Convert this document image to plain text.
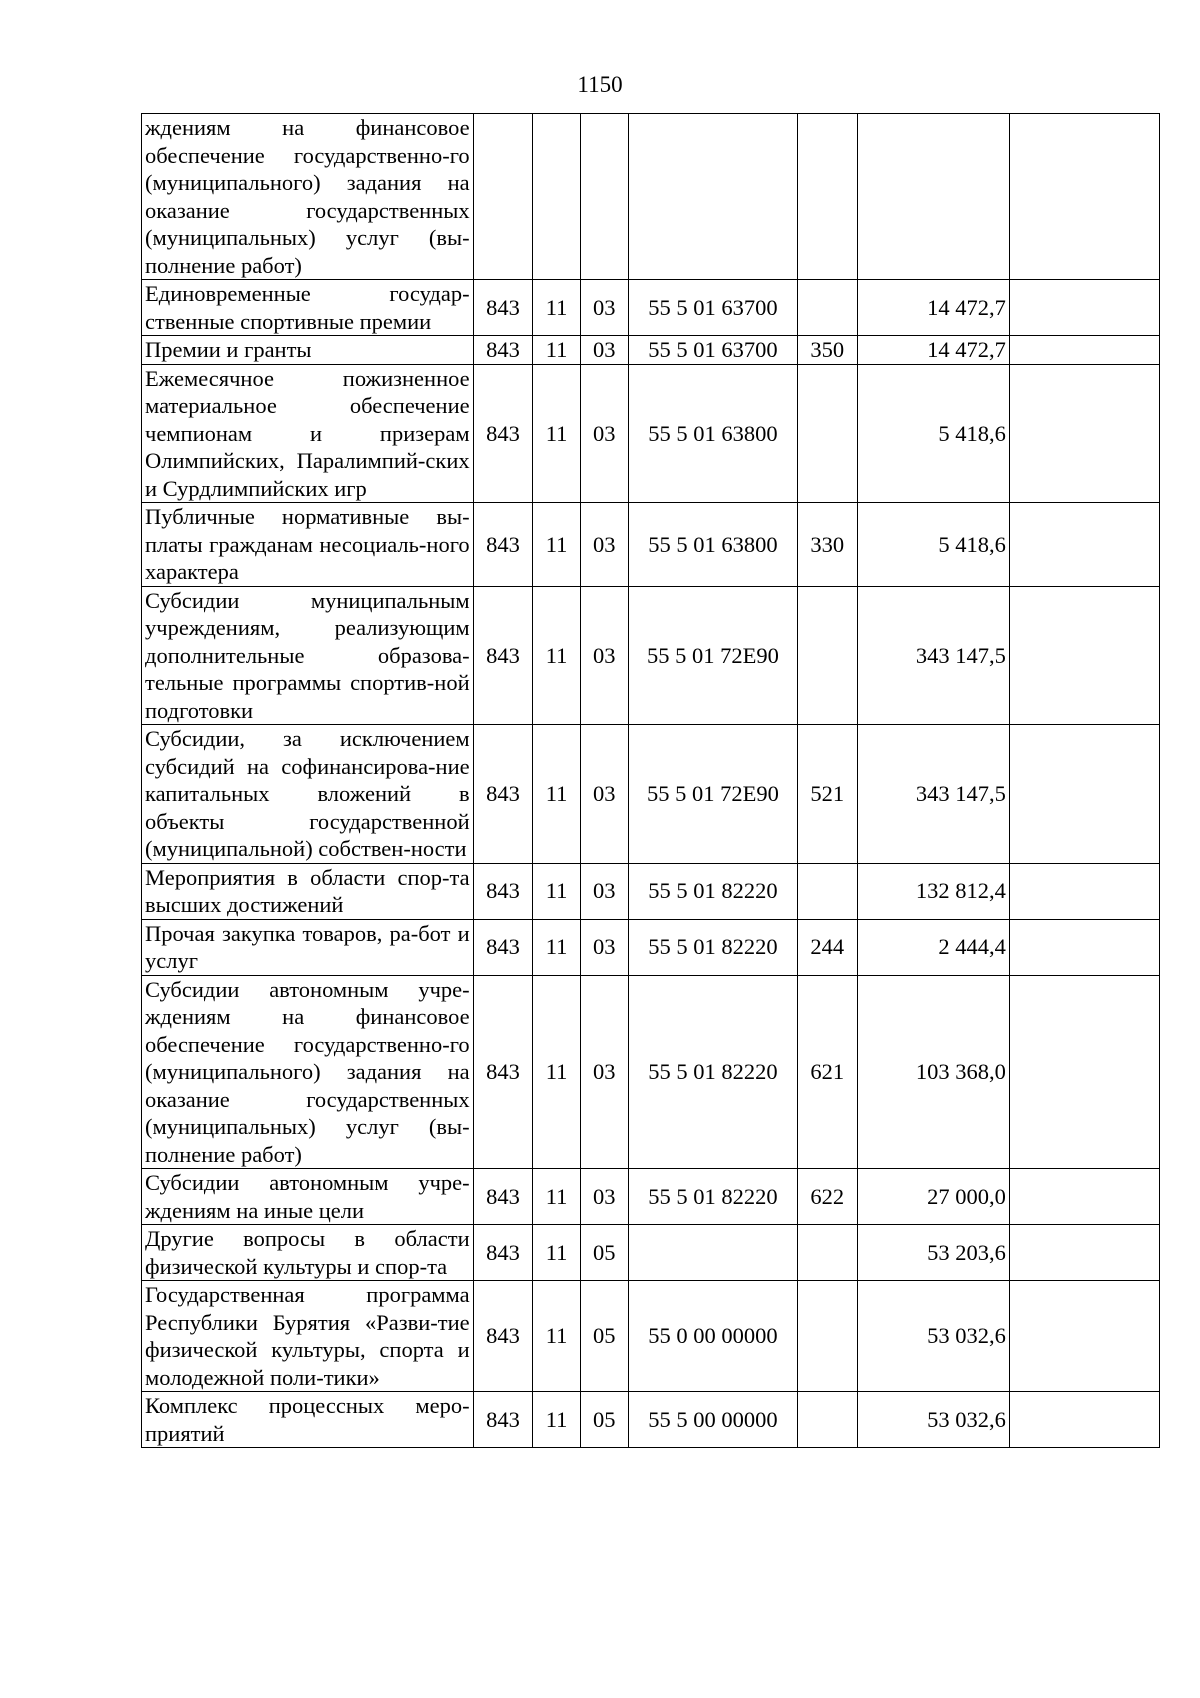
1150
ждениям на финансовое обеспечение государственно-го (муниципального) задания на оказание государственных (муниципальных) услуг (вы-полнение работ)							
Единовременные государ-ственные спортивные премии	843	11	03	55 5 01 63700		14 472,7	
Премии и гранты	843	11	03	55 5 01 63700	350	14 472,7	
Ежемесячное пожизненное материальное обеспечение чемпионам и призерам Олимпийских, Паралимпий-ских и Сурдлимпийских игр	843	11	03	55 5 01 63800		5 418,6	
Публичные нормативные вы-платы гражданам несоциаль-ного характера	843	11	03	55 5 01 63800	330	5 418,6	
Субсидии муниципальным учреждениям, реализующим дополнительные образова-тельные программы спортив-ной подготовки	843	11	03	55 5 01 72Е90		343 147,5	
Субсидии, за исключением субсидий на софинансирова-ние капитальных вложений в объекты государственной (муниципальной) собствен-ности	843	11	03	55 5 01 72Е90	521	343 147,5	
Мероприятия в области спор-та высших достижений	843	11	03	55 5 01 82220		132 812,4	
Прочая закупка товаров, ра-бот и услуг	843	11	03	55 5 01 82220	244	2 444,4	
Субсидии автономным учре-ждениям на финансовое обеспечение государственно-го (муниципального) задания на оказание государственных (муниципальных) услуг (вы-полнение работ)	843	11	03	55 5 01 82220	621	103 368,0	
Субсидии автономным учре-ждениям на иные цели	843	11	03	55 5 01 82220	622	27 000,0	
Другие вопросы в области физической культуры и спор-та	843	11	05			53 203,6	
Государственная программа Республики Бурятия «Разви-тие физической культуры, спорта и молодежной поли-тики»	843	11	05	55 0 00 00000		53 032,6	
Комплекс процессных меро-приятий	843	11	05	55 5 00 00000		53 032,6	
